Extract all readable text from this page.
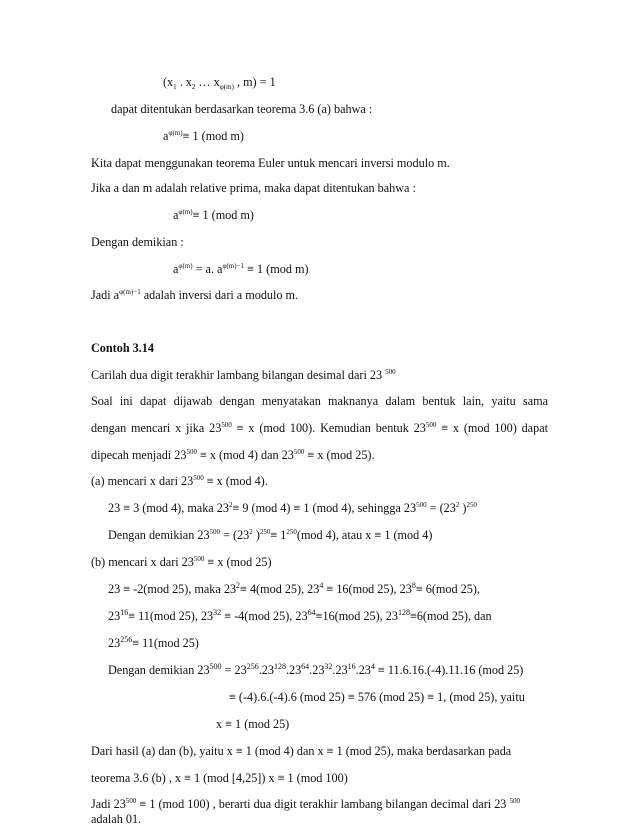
($x_1$ . $x_2$ … $x_{\varphi(m)}$ , m) = 1
dapat ditentukan berdasarkan teorema 3.6 (a) bahwa :
$a^{\varphi(m)}\equiv 1$ (mod m)
Kita dapat menggunakan teorema Euler untuk mencari inversi modulo m.
Jika a dan m adalah relative prima, maka dapat ditentukan bahwa :
$a^{\varphi(m)}\equiv 1$ (mod m)
Dengan demikian :
$a^{\varphi(m)} = a$. $a^{\varphi(m)-1} \equiv 1$ (mod m)
Jadi $a^{\varphi(m)-1}$ adalah inversi dari a modulo m.
Contoh 3.14
Carilah dua digit terakhir lambang bilangan desimal dari 23 $^{500}$
Soal ini dapat dijawab dengan menyatakan maknanya dalam bentuk lain, yaitu sama
dengan mencari x jika $23^{500} \equiv x$ (mod 100). Kemudian bentuk $23^{500} \equiv x$ (mod 100) dapat
dipecah menjadi $23^{500} \equiv x$ (mod 4) dan $23^{500} \equiv x$ (mod 25).
(a) mencari x dari $23^{500} \equiv x$ (mod 4).
23 ≡ 3 (mod 4), maka $23^2\equiv 9$ (mod 4) ≡ 1 (mod 4), sehingga $23^{500} = (23^2$ )$^{250}$
Dengan demikian $23^{500} = (23^2$ )$^{250}\equiv 1^{250}(mod$ 4), atau x ≡ 1 (mod 4)
(b) mencari x dari $23^{500} \equiv x$ (mod 25)
23 ≡ -2(mod 25), maka $23^2\equiv 4(mod$ 25), $23^4 \equiv 16(mod$ 25), $23^8\equiv 6(mod$ 25),
$23^{16}\equiv 11(mod$ 25), $23^{32} \equiv -4(mod$ 25), $23^{64}\equiv 16(mod$ 25), $23^{128}\equiv 6(mod$ 25), dan
$23^{256}\equiv 11(mod$ 25)
Dengan demikian $23^{500} = 23^{256}.23^{128}.23^{64}.23^{32}.23^{16}.23^4 \equiv 11.6.16.(-4).11.16$ (mod 25)
≡ (-4).6.(-4).6 (mod 25) ≡ 576 (mod 25) ≡ 1, (mod 25), yaitu
x ≡ 1 (mod 25)
Dari hasil (a) dan (b), yaitu x ≡ 1 (mod 4) dan x ≡ 1 (mod 25), maka berdasarkan pada
teorema 3.6 (b) , x ≡ 1 (mod [4,25]) x ≡ 1 (mod 100)
Jadi $23^{500} \equiv 1$ (mod 100) , berarti dua digit terakhir lambang bilangan decimal dari 23 $^{500}$
adalah 01.
